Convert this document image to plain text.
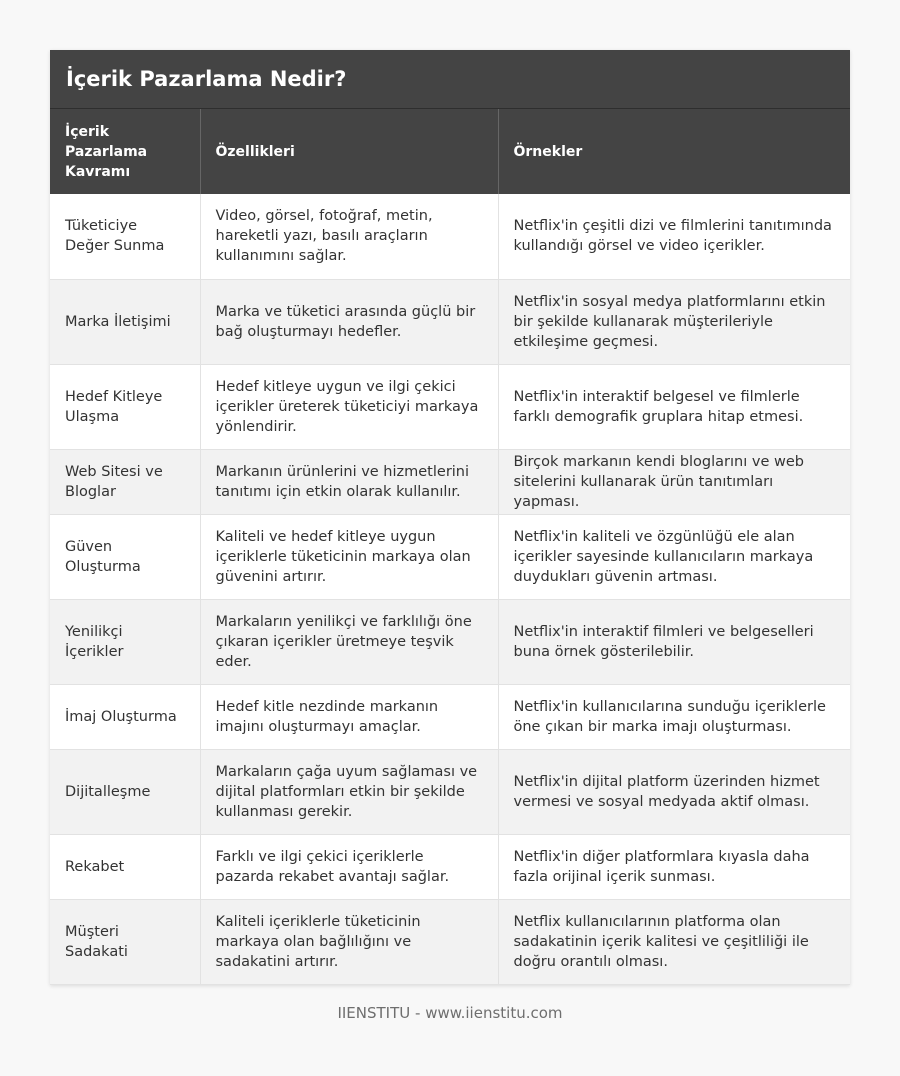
İçerik Pazarlama Nedir?
İçerik Pazarlama Kavramı	Özellikleri	Örnekler
Tüketiciye Değer Sunma	Video, görsel, fotoğraf, metin, hareketli yazı, basılı araçların kullanımını sağlar.	Netflix'in çeşitli dizi ve filmlerini tanıtımında kullandığı görsel ve video içerikler.
Marka İletişimi	Marka ve tüketici arasında güçlü bir bağ oluşturmayı hedefler.	Netflix'in sosyal medya platformlarını etkin bir şekilde kullanarak müşterileriyle etkileşime geçmesi.
Hedef Kitleye Ulaşma	Hedef kitleye uygun ve ilgi çekici içerikler üreterek tüketiciyi markaya yönlendirir.	Netflix'in interaktif belgesel ve filmlerle farklı demografik gruplara hitap etmesi.
Web Sitesi ve Bloglar	Markanın ürünlerini ve hizmetlerini tanıtımı için etkin olarak kullanılır.	Birçok markanın kendi bloglarını ve web sitelerini kullanarak ürün tanıtımları yapması.
Güven Oluşturma	Kaliteli ve hedef kitleye uygun içeriklerle tüketicinin markaya olan güvenini artırır.	Netflix'in kaliteli ve özgünlüğü ele alan içerikler sayesinde kullanıcıların markaya duydukları güvenin artması.
Yenilikçi İçerikler	Markaların yenilikçi ve farklılığı öne çıkaran içerikler üretmeye teşvik eder.	Netflix'in interaktif filmleri ve belgeselleri buna örnek gösterilebilir.
İmaj Oluşturma	Hedef kitle nezdinde markanın imajını oluşturmayı amaçlar.	Netflix'in kullanıcılarına sunduğu içeriklerle öne çıkan bir marka imajı oluşturması.
Dijitalleşme	Markaların çağa uyum sağlaması ve dijital platformları etkin bir şekilde kullanması gerekir.	Netflix'in dijital platform üzerinden hizmet vermesi ve sosyal medyada aktif olması.
Rekabet	Farklı ve ilgi çekici içeriklerle pazarda rekabet avantajı sağlar.	Netflix'in diğer platformlara kıyasla daha fazla orijinal içerik sunması.
Müşteri Sadakati	Kaliteli içeriklerle tüketicinin markaya olan bağlılığını ve sadakatini artırır.	Netflix kullanıcılarının platforma olan sadakatinin içerik kalitesi ve çeşitliliği ile doğru orantılı olması.
IIENSTITU - www.iienstitu.com
